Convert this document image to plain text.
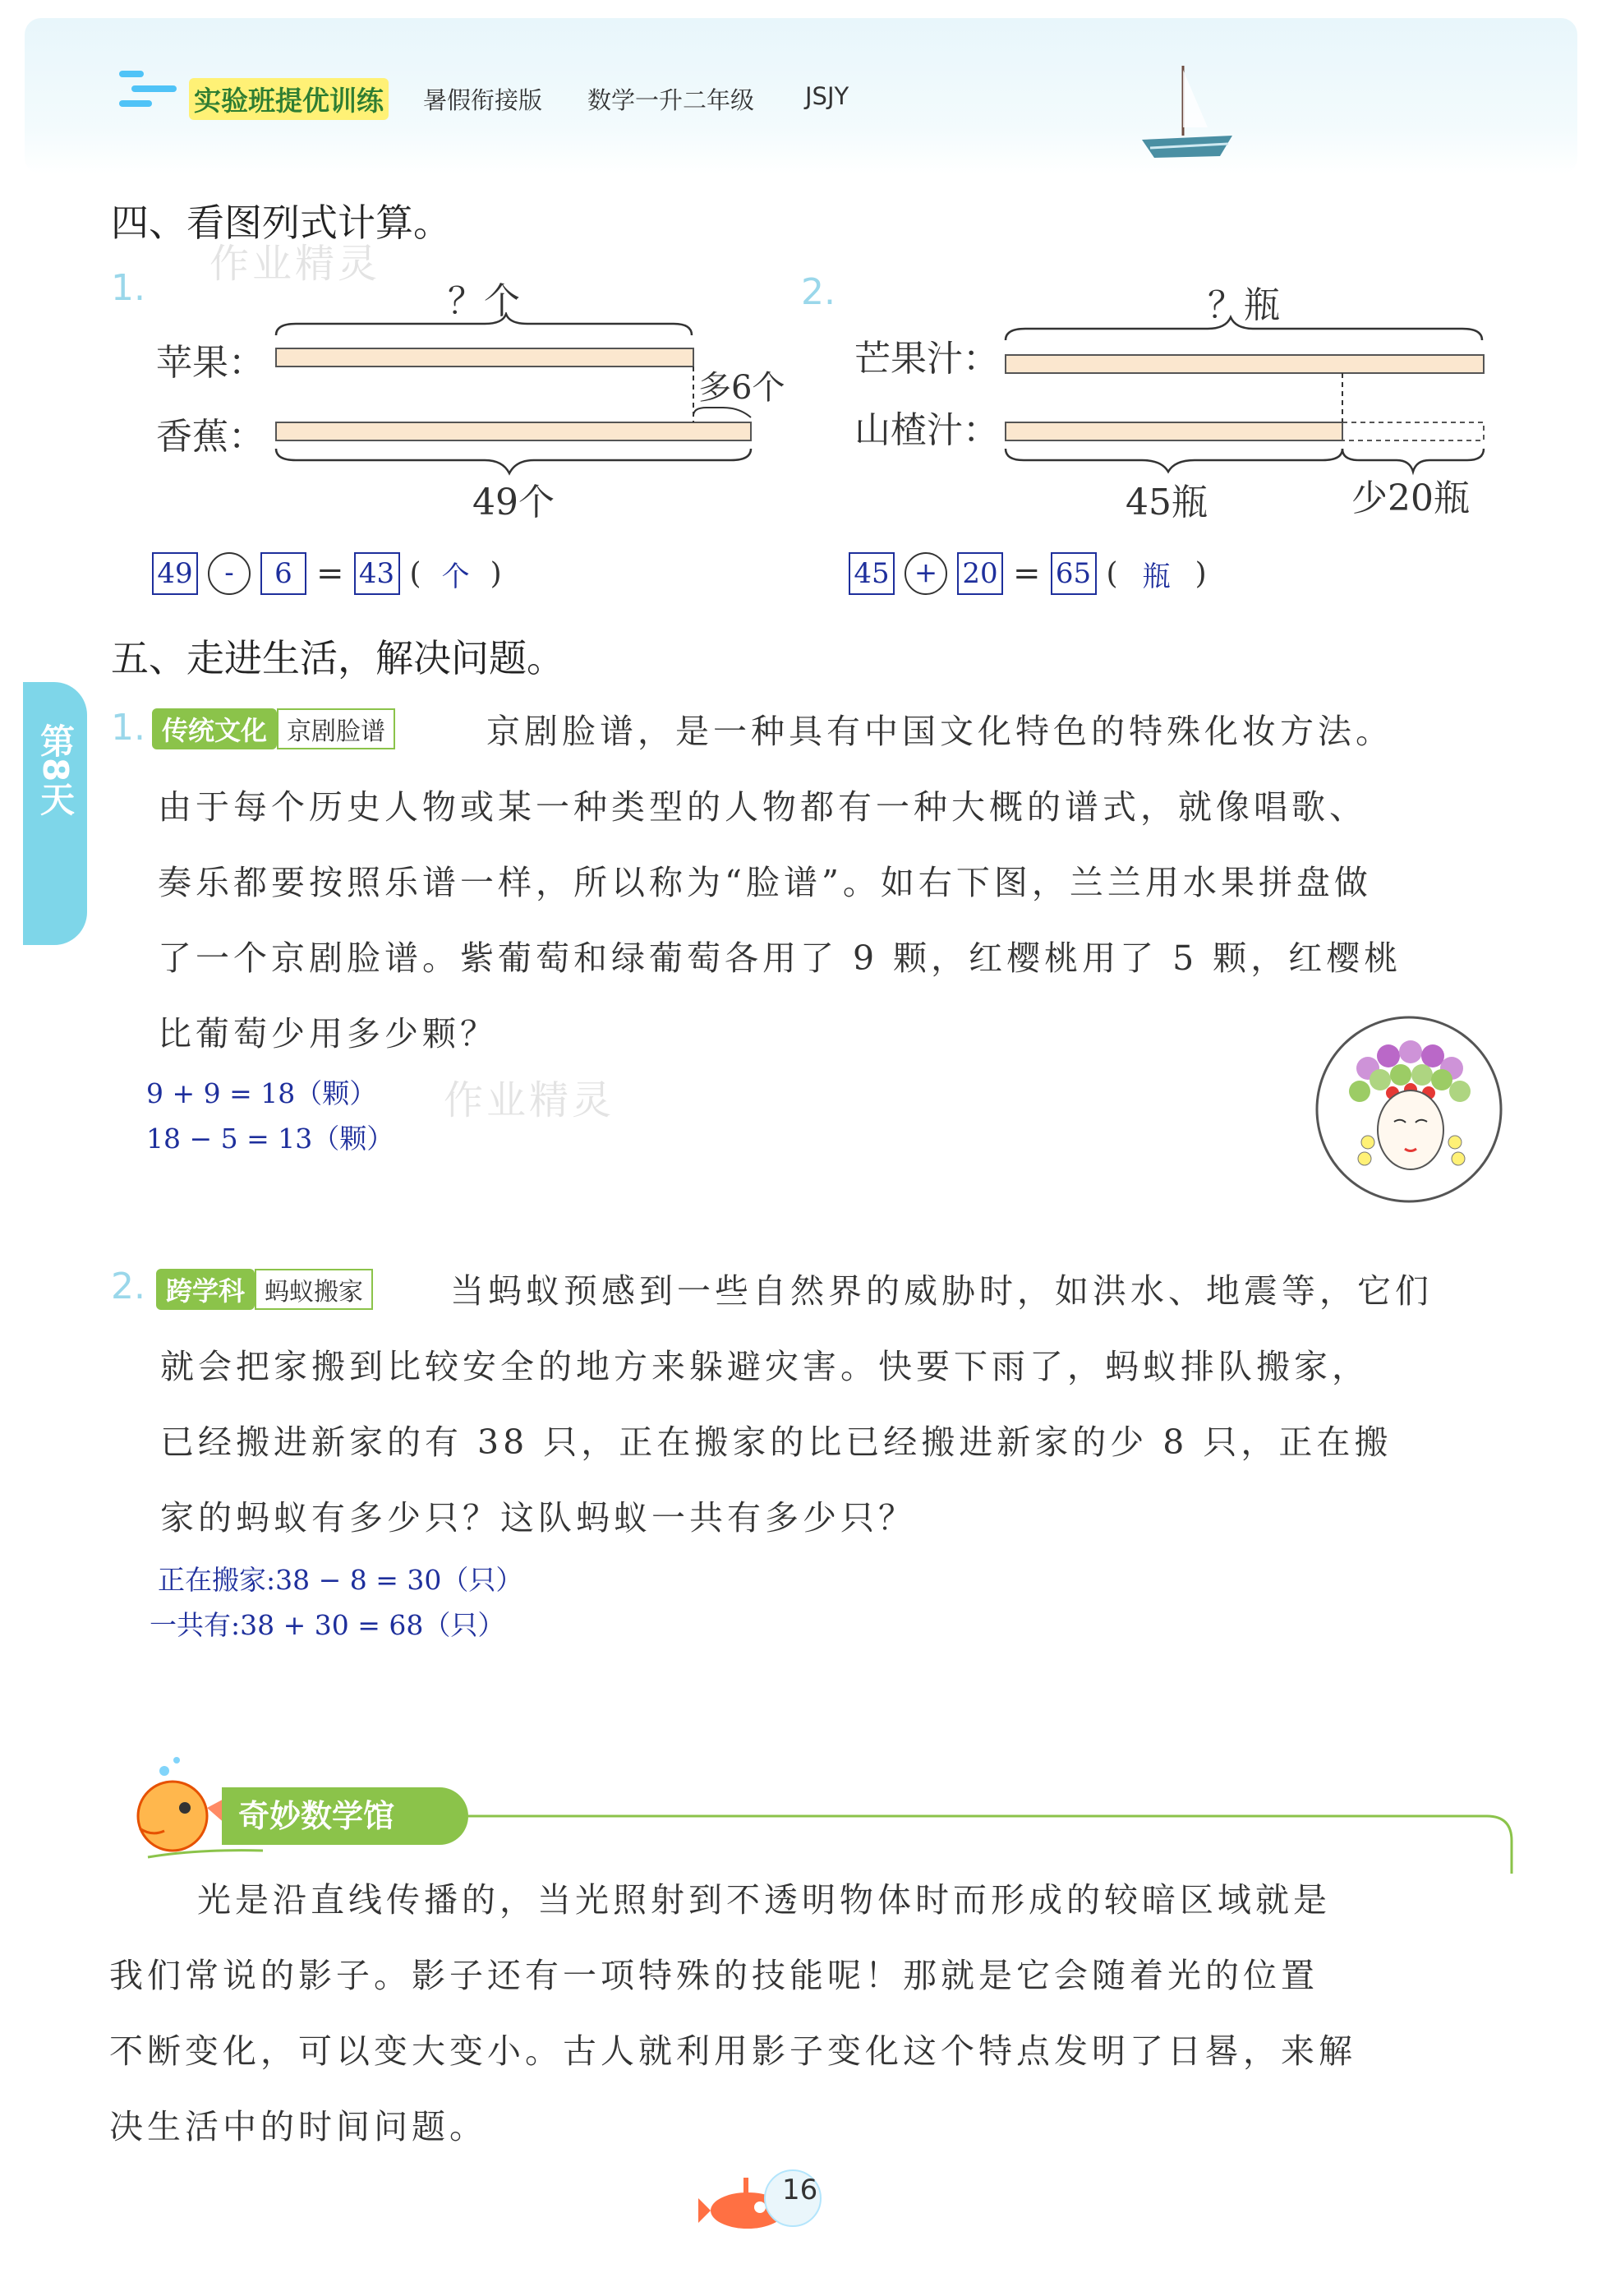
实验班提优训练 暑假衔接版 数学一升二年级 JSJY
四、看图列式计算。
作业精灵
1.	？个
苹果：
香蕉：
多6个
49个
49	-	6 = 43 ( 个 )
2.	？瓶
芒果汁：
山楂汁：
45瓶	少20瓶
45 + 20 = 65 ( 瓶 )
五、走进生活，解决问题。
第8天 1. 传统文化 京剧脸谱	京剧脸谱，是一种具有中国文化特色的特殊化妆方法。
由于每个历史人物或某一种类型的人物都有一种大概的谱式，就像唱歌、
奏乐都要按照乐谱一样，所以称为“脸谱”。如右下图，兰兰用水果拼盘做
了一个京剧脸谱。紫葡萄和绿葡萄各用了 9 颗，红樱桃用了 5 颗，红樱桃
比葡萄少用多少颗？
9 + 9 = 18（颗）
18 − 5 = 13（颗）
作业精灵
2. 跨学科 蚂蚁搬家	当蚂蚁预感到一些自然界的威胁时，如洪水、地震等，它们
就会把家搬到比较安全的地方来躲避灾害。快要下雨了，蚂蚁排队搬家，
已经搬进新家的有 38 只，正在搬家的比已经搬进新家的少 8 只，正在搬
家的蚂蚁有多少只？这队蚂蚁一共有多少只？
正在搬家:38 − 8 = 30（只）
一共有:38 + 30 = 68（只）
奇妙数学馆
光是沿直线传播的，当光照射到不透明物体时而形成的较暗区域就是
我们常说的影子。影子还有一项特殊的技能呢！那就是它会随着光的位置
不断变化，可以变大变小。古人就利用影子变化这个特点发明了日晷，来解
决生活中的时间问题。
16
